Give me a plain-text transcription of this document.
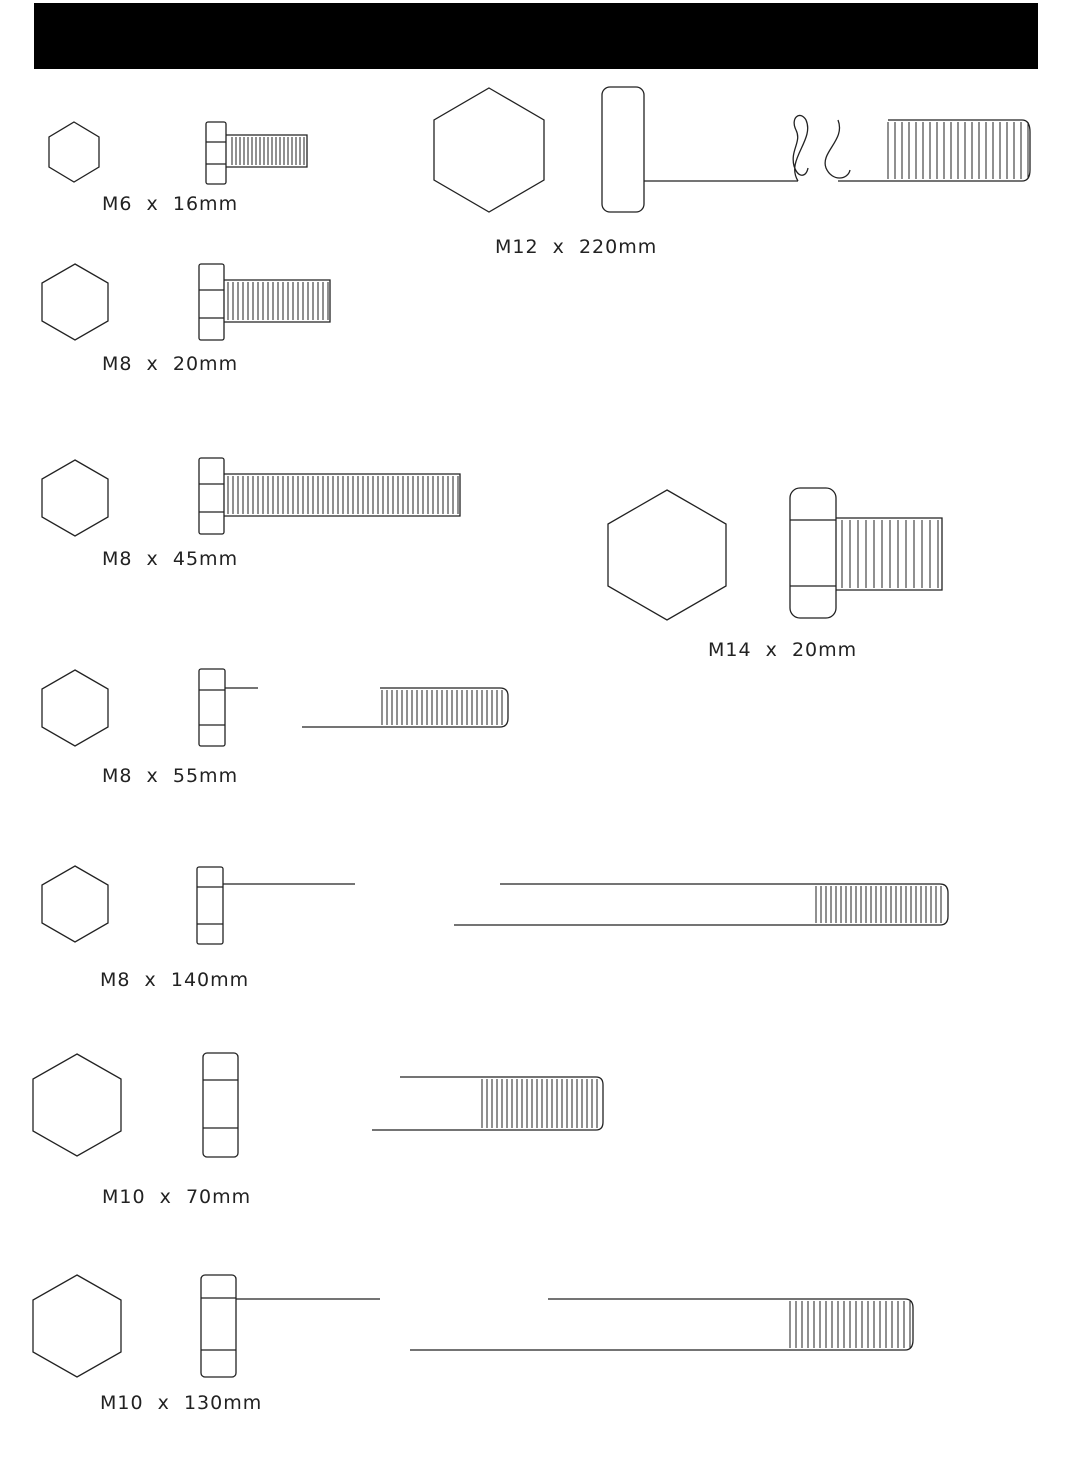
M6  x  16mm
M12  x  220mm
M8  x  20mm
M8  x  45mm
M14  x  20mm
M8  x  55mm
M8  x  140mm
M10  x  70mm
M10  x  130mm
